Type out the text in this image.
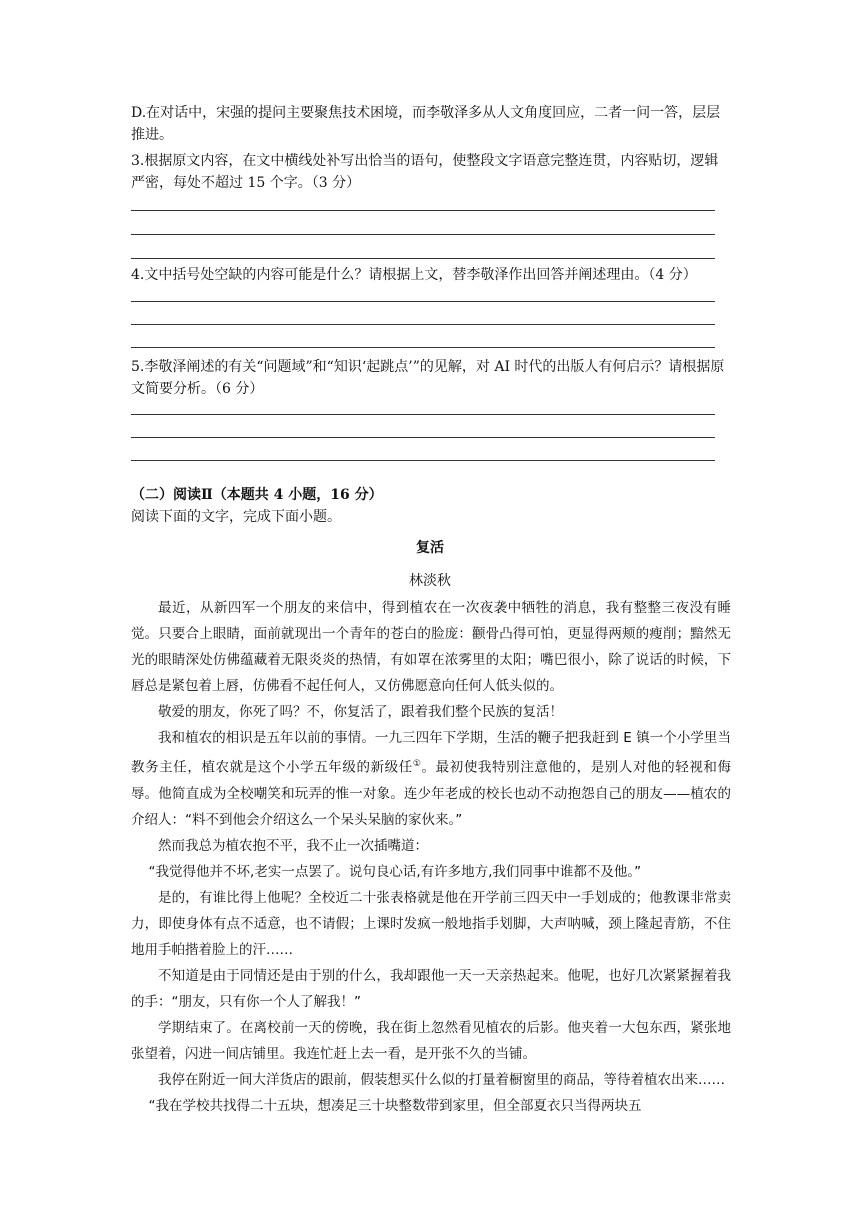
D.在对话中，宋强的提问主要聚焦技术困境，而李敬泽多从人文角度回应，二者一问一答，层层推进。
3.根据原文内容，在文中横线处补写出恰当的语句，使整段文字语意完整连贯，内容贴切，逻辑严密，每处不超过 15 个字。（3 分）
4.文中括号处空缺的内容可能是什么？请根据上文，替李敬泽作出回答并阐述理由。（4 分）
5.李敬泽阐述的有关“问题域”和“知识‘起跳点’”的见解，对 AI 时代的出版人有何启示？请根据原文简要分析。（6 分）
（二）阅读Ⅱ（本题共 4 小题，16 分）
阅读下面的文字，完成下面小题。
复活
林淡秋

最近，从新四军一个朋友的来信中，得到植农在一次夜袭中牺牲的消息，我有整整三夜没有睡觉。只要合上眼睛，面前就现出一个青年的苍白的脸庞：颧骨凸得可怕，更显得两颊的瘦削；黯然无光的眼睛深处仿佛蕴藏着无限炎炎的热情，有如罩在浓雾里的太阳；嘴巴很小，除了说话的时候，下唇总是紧包着上唇，仿佛看不起任何人，又仿佛愿意向任何人低头似的。

敬爱的朋友，你死了吗？不，你复活了，跟着我们整个民族的复活！

我和植农的相识是五年以前的事情。一九三四年下学期，生活的鞭子把我赶到 E 镇一个小学里当教务主任，植农就是这个小学五年级的新级任①。最初使我特别注意他的，是别人对他的轻视和侮辱。他简直成为全校嘲笑和玩弄的惟一对象。连少年老成的校长也动不动抱怨自己的朋友——植农的介绍人：“料不到他会介绍这么一个呆头呆脑的家伙来。”

然而我总为植农抱不平，我不止一次插嘴道：

“我觉得他并不坏,老实一点罢了。说句良心话,有许多地方,我们同事中谁都不及他。”

是的，有谁比得上他呢？全校近二十张表格就是他在开学前三四天中一手划成的；他教课非常卖力，即使身体有点不适意，也不请假；上课时发疯一般地指手划脚，大声呐喊，颈上隆起青筋，不住地用手帕揩着脸上的汗……

不知道是由于同情还是由于别的什么，我却跟他一天一天亲热起来。他呢，也好几次紧紧握着我的手：“朋友，只有你一个人了解我！”

学期结束了。在离校前一天的傍晚，我在街上忽然看见植农的后影。他夹着一大包东西，紧张地张望着，闪进一间店铺里。我连忙赶上去一看，是开张不久的当铺。

我停在附近一间大洋货店的跟前，假装想买什么似的打量着橱窗里的商品，等待着植农出来……

“我在学校共找得二十五块，想凑足三十块整数带到家里，但全部夏衣只当得两块五
